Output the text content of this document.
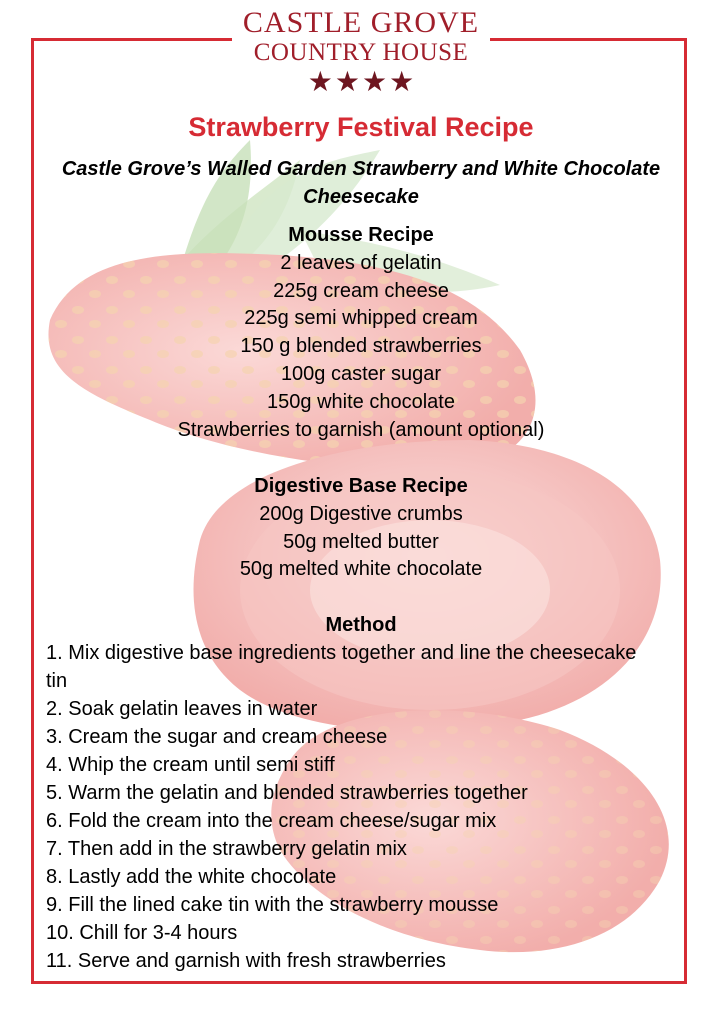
CASTLE GROVE
COUNTRY HOUSE
★ ★ ★ ★
Strawberry Festival Recipe
Castle Grove’s Walled Garden Strawberry and White Chocolate Cheesecake
Mousse Recipe
2 leaves of gelatin
225g cream cheese
225g semi whipped cream
150 g blended strawberries
100g caster sugar
150g white chocolate
Strawberries to garnish (amount optional)
Digestive Base Recipe
200g Digestive crumbs
50g melted butter
50g melted white chocolate
Method
1. Mix digestive base ingredients together and line the cheesecake tin
2. Soak gelatin leaves in water
3. Cream the sugar and cream cheese
4. Whip the cream until semi stiff
5. Warm the gelatin and blended strawberries together
6. Fold the cream into the cream cheese/sugar mix
7. Then add in the strawberry gelatin mix
8. Lastly add the white chocolate
9. Fill the lined cake tin with the strawberry mousse
10. Chill for 3-4 hours
11. Serve and garnish with fresh strawberries
